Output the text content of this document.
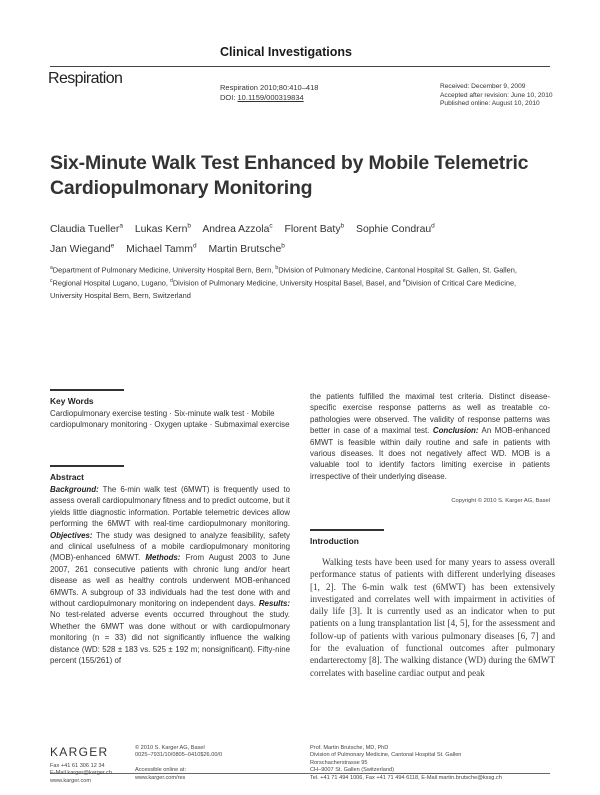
Clinical Investigations
Respiration
Respiration 2010;80:410–418
DOI: 10.1159/000319834
Received: December 9, 2009
Accepted after revision: June 10, 2010
Published online: August 10, 2010
Six-Minute Walk Test Enhanced by Mobile Telemetric Cardiopulmonary Monitoring
Claudia Tueller$^a$ Lukas Kern$^b$ Andrea Azzola$^c$ Florent Baty$^b$ Sophie Condrau$^d$
Jan Wiegand$^e$ Michael Tamm$^d$ Martin Brutsche$^b$
$^a$Department of Pulmonary Medicine, University Hospital Bern, Bern, $^b$Division of Pulmonary Medicine, Cantonal Hospital St. Gallen, St. Gallen, $^c$Regional Hospital Lugano, Lugano, $^d$Division of Pulmonary Medicine, University Hospital Basel, Basel, and $^e$Division of Critical Care Medicine, University Hospital Bern, Bern, Switzerland
Key Words
Cardiopulmonary exercise testing · Six-minute walk test · Mobile cardiopulmonary monitoring · Oxygen uptake · Submaximal exercise
Abstract

Background: The 6-min walk test (6MWT) is frequently used to assess overall cardiopulmonary fitness and to predict outcome, but it yields little diagnostic information. Portable telemetric devices allow performing the 6MWT with real-time cardiopulmonary monitoring. Objectives: The study was designed to analyze feasibility, safety and clinical usefulness of a mobile cardiopulmonary monitoring (MOB)-enhanced 6MWT. Methods: From August 2003 to June 2007, 261 consecutive patients with chronic lung and/or heart disease as well as healthy controls underwent MOB-enhanced 6MWTs. A subgroup of 33 individuals had the test done with and without cardiopulmonary monitoring on independent days. Results: No test-related adverse events occurred throughout the study. Whether the 6MWT was done without or with cardiopulmonary monitoring (n = 33) did not significantly influence the walking distance (WD: 528 ± 183 vs. 525 ± 192 m; nonsignificant). Fifty-nine percent (155/261) of

the patients fulfilled the maximal test criteria. Distinct disease-specific exercise response patterns as well as treatable co-pathologies were observed. The validity of response patterns was better in case of a maximal test. Conclusion: An MOB-enhanced 6MWT is feasible within daily routine and safe in patients with various diseases. It does not negatively affect WD. MOB is a valuable tool to identify factors limiting exercise in patients irrespective of their underlying disease.

Copyright © 2010 S. Karger AG, Basel
Introduction

Walking tests have been used for many years to assess overall performance status of patients with different underlying diseases [1, 2]. The 6-min walk test (6MWT) has been extensively investigated and correlates well with impairment in activities of daily life [3]. It is currently used as an indicator when to put patients on a lung transplantation list [4, 5], for the assessment and follow-up of patients with various pulmonary diseases [6, 7] and for the evaluation of functional outcomes after pulmonary endarterectomy [8]. The walking distance (WD) during the 6MWT correlates with baseline cardiac output and peak

KARGER
Fax +41 61 306 12 34
E-Mail karger@karger.ch
www.karger.com
© 2010 S. Karger AG, Basel
0025–7931/10/0805–0410$26.00/0
Accessible online at:
www.karger.com/res
Prof. Martin Brutsche, MD, PhD
Division of Pulmonary Medicine, Cantonal Hospital St. Gallen
Rorschacherstrasse 95
CH–9007 St. Gallen (Switzerland)
Tel. +41 71 494 1006, Fax +41 71 494 6118, E-Mail martin.brutsche@kssg.ch
